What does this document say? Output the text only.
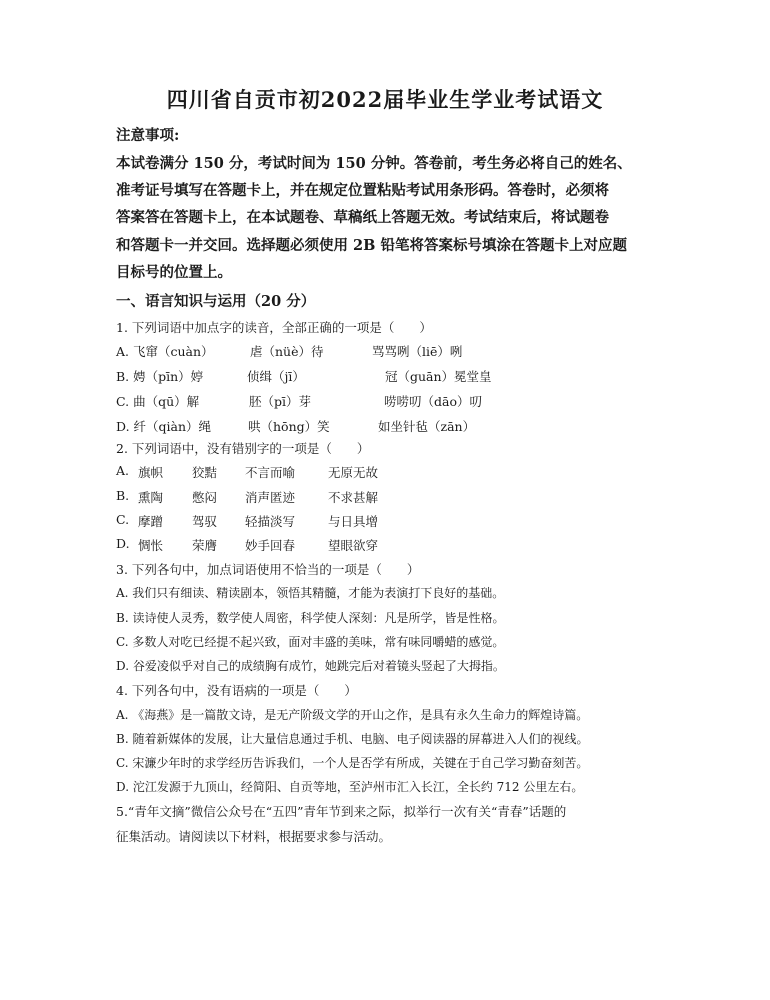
四川省自贡市初2022届毕业生学业考试语文
注意事项:
本试卷满分 150 分，考试时间为 150 分钟。答卷前，考生务必将自己的姓名、
准考证号填写在答题卡上，并在规定位置粘贴考试用条形码。答卷时，必须将
答案答在答题卡上，在本试题卷、草稿纸上答题无效。考试结束后，将试题卷
和答题卡一并交回。选择题必须使用 2B 铅笔将答案标号填涂在答题卡上对应题
目标号的位置上。
一、语言知识与运用（20 分）
1. 下列词语中加点字的读音，全部正确的一项是（　　）
A. 飞窜（cuàn）	虐（nüè）待	骂骂咧（liē）咧
B. 娉（pīn）婷	侦缉（jī）	冠（guān）冕堂皇
C. 曲（qū）解	胚（pī）芽	唠唠叨（dāo）叨
D. 纤（qiàn）绳	哄（hōng）笑	如坐针毡（zān）
2. 下列词语中，没有错别字的一项是（　　）
A. 旗帜 狡黠 不言而喻	无原无故
B. 熏陶 憋闷 消声匿迹	不求甚解
C. 摩蹭 驾驭 轻描淡写	与日具增
D. 惆怅 荣膺 妙手回春	望眼欲穿
3. 下列各句中，加点词语使用不恰当的一项是（　　）
A. 我们只有细读、精读剧本，领悟其精髓，才能为表演打下良好的基础。
B. 读诗使人灵秀，数学使人周密，科学使人深刻：凡是所学，皆是性格。
C. 多数人对吃已经提不起兴致，面对丰盛的美味，常有味同嚼蜡的感觉。
D. 谷爱凌似乎对自己的成绩胸有成竹，她跳完后对着镜头竖起了大拇指。
4. 下列各句中，没有语病的一项是（　　）
A. 《海燕》是一篇散文诗，是无产阶级文学的开山之作，是具有永久生命力的辉煌诗篇。
B. 随着新媒体的发展，让大量信息通过手机、电脑、电子阅读器的屏幕进入人们的视线。
C. 宋濂少年时的求学经历告诉我们，一个人是否学有所成，关键在于自己学习勤奋刻苦。
D. 沱江发源于九顶山，经简阳、自贡等地，至泸州市汇入长江，全长约 712 公里左右。
5.“青年文摘”微信公众号在“五四”青年节到来之际，拟举行一次有关“青春”话题的
征集活动。请阅读以下材料，根据要求参与活动。
